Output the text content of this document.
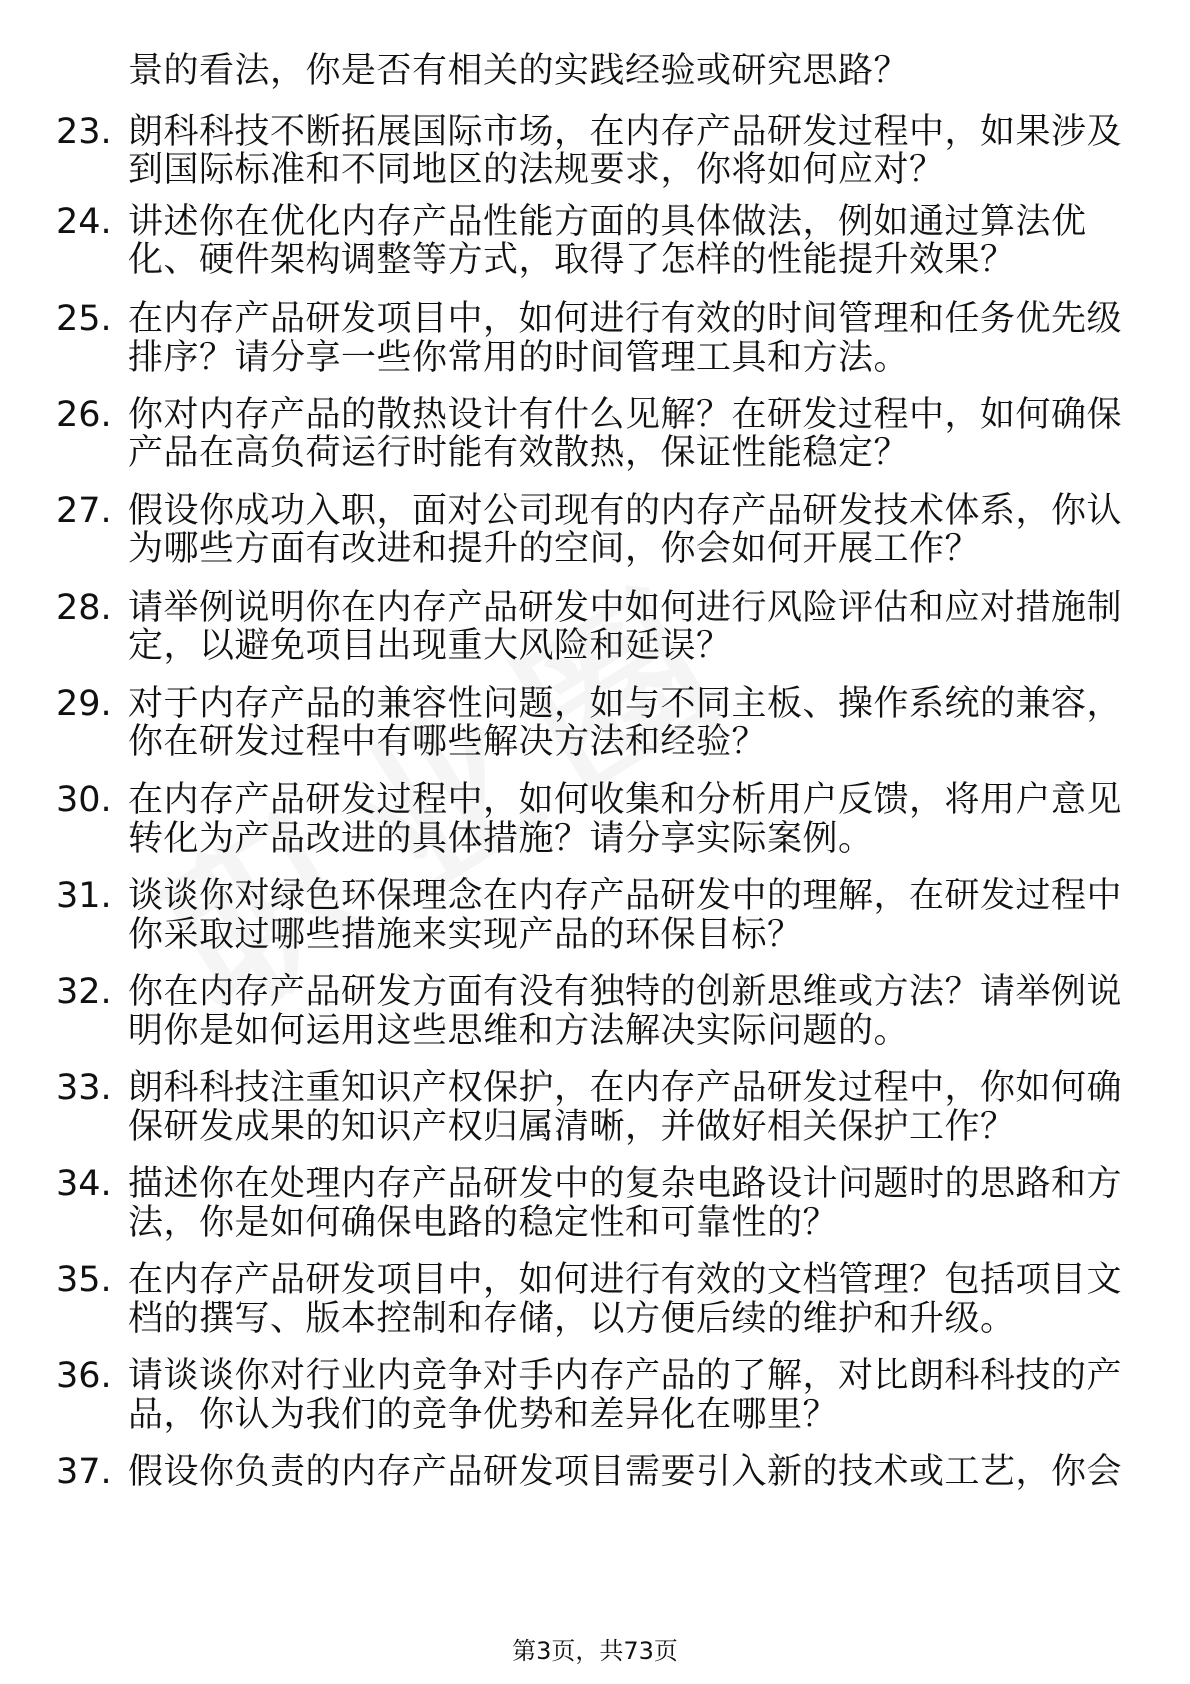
景的看法，你是否有相关的实践经验或研究思路？
23. 朗科科技不断拓展国际市场，在内存产品研发过程中，如果涉及
到国际标准和不同地区的法规要求，你将如何应对？
24. 讲述你在优化内存产品性能方面的具体做法，例如通过算法优
化、硬件架构调整等方式，取得了怎样的性能提升效果？
25. 在内存产品研发项目中，如何进行有效的时间管理和任务优先级
排序？请分享一些你常用的时间管理工具和方法。
26. 你对内存产品的散热设计有什么见解？在研发过程中，如何确保
产品在高负荷运行时能有效散热，保证性能稳定？
27. 假设你成功入职，面对公司现有的内存产品研发技术体系，你认
为哪些方面有改进和提升的空间，你会如何开展工作？
28. 请举例说明你在内存产品研发中如何进行风险评估和应对措施制
定，以避免项目出现重大风险和延误？
29. 对于内存产品的兼容性问题，如与不同主板、操作系统的兼容，
你在研发过程中有哪些解决方法和经验？
30. 在内存产品研发过程中，如何收集和分析用户反馈，将用户意见
转化为产品改进的具体措施？请分享实际案例。
31. 谈谈你对绿色环保理念在内存产品研发中的理解，在研发过程中
你采取过哪些措施来实现产品的环保目标？
32. 你在内存产品研发方面有没有独特的创新思维或方法？请举例说
明你是如何运用这些思维和方法解决实际问题的。
33. 朗科科技注重知识产权保护，在内存产品研发过程中，你如何确
保研发成果的知识产权归属清晰，并做好相关保护工作？
34. 描述你在处理内存产品研发中的复杂电路设计问题时的思路和方
法，你是如何确保电路的稳定性和可靠性的？
35. 在内存产品研发项目中，如何进行有效的文档管理？包括项目文
档的撰写、版本控制和存储，以方便后续的维护和升级。
36. 请谈谈你对行业内竞争对手内存产品的了解，对比朗科科技的产
品，你认为我们的竞争优势和差异化在哪里？
37. 假设你负责的内存产品研发项目需要引入新的技术或工艺，你会
第3页，共73页
